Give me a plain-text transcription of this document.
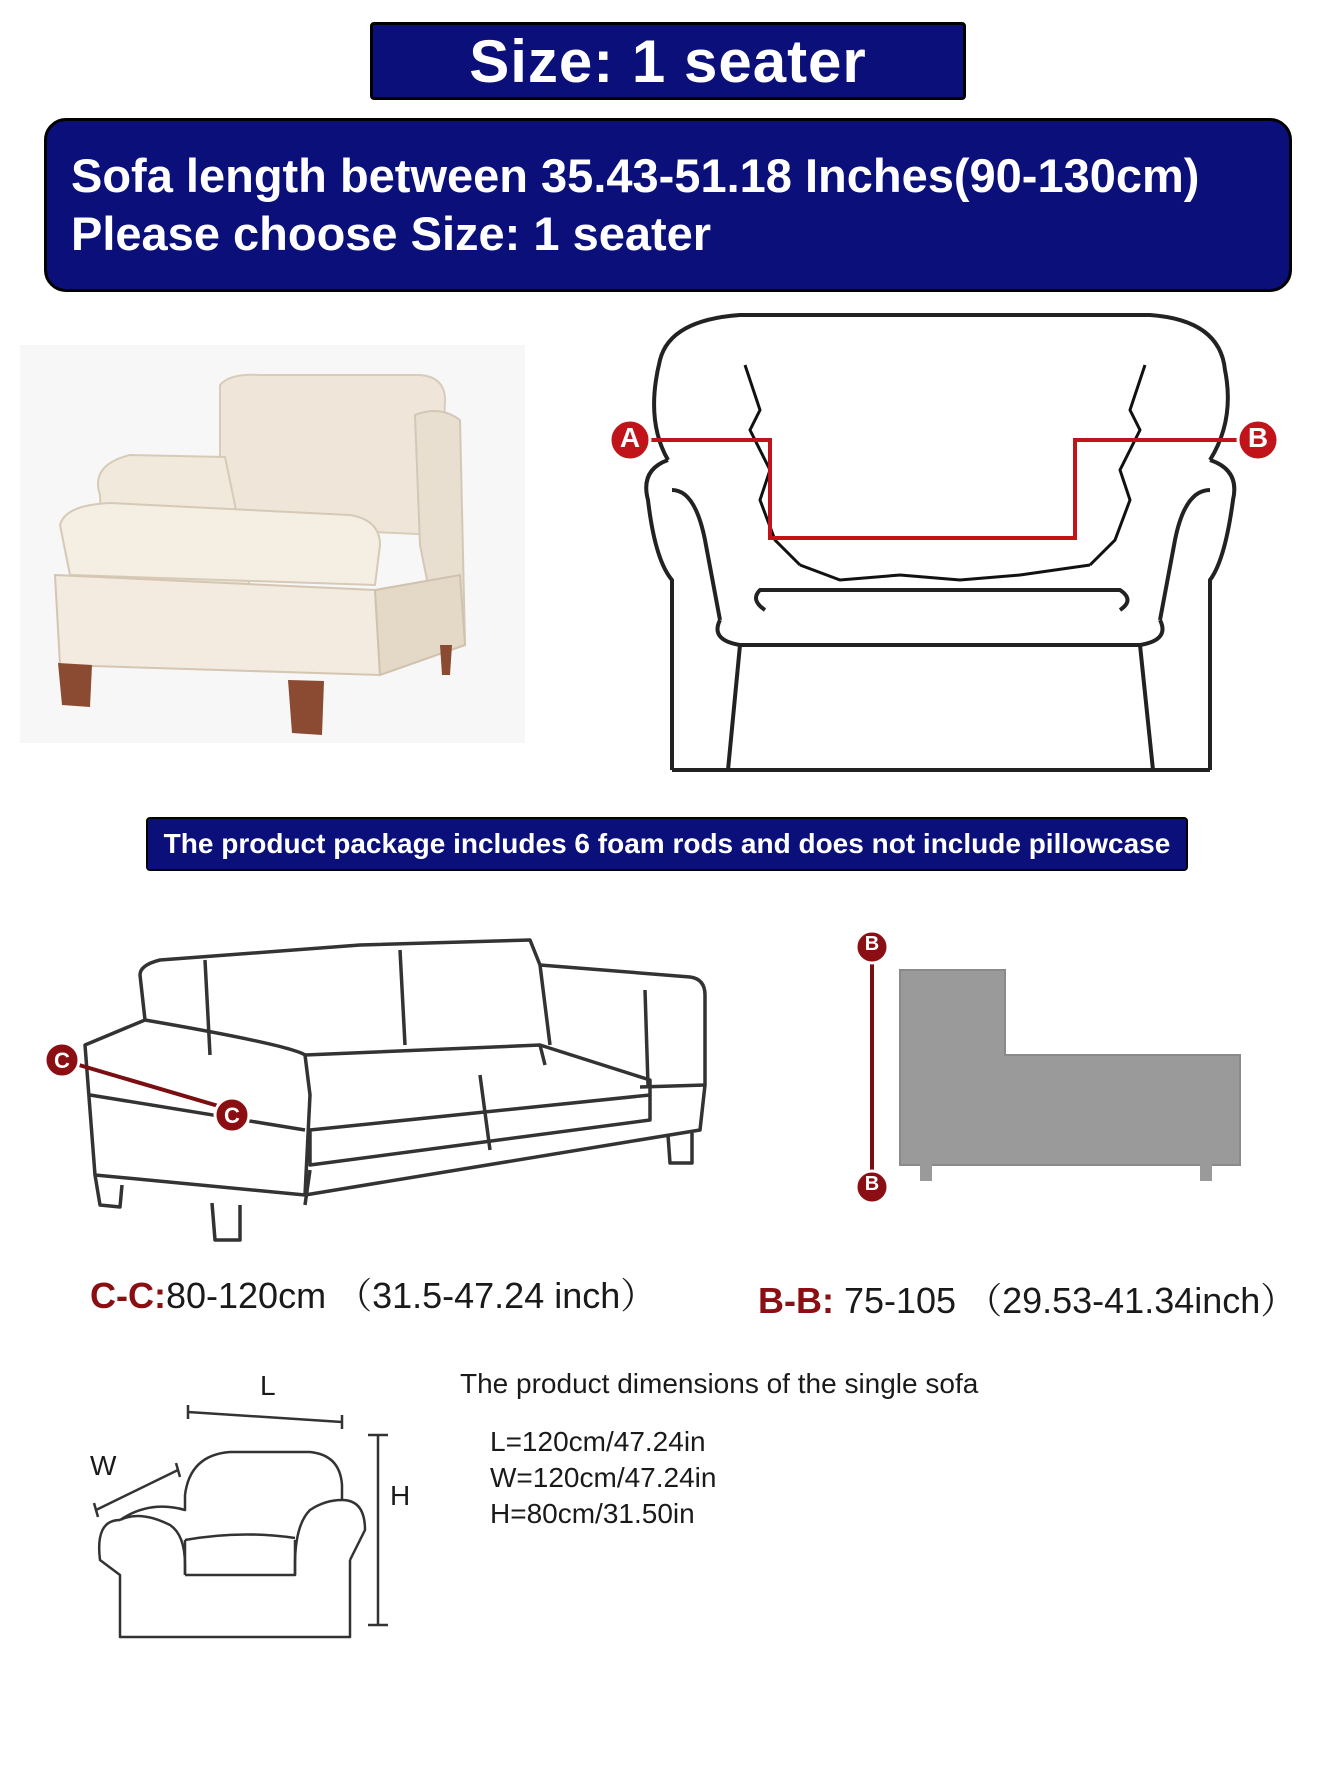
Size: 1 seater
Sofa length between 35.43-51.18 Inches(90-130cm)
Please choose Size: 1 seater
A	B
The product package includes 6 foam rods and does not include pillowcase
C
C
B
B
C-C:80-120cm （31.5-47.24 inch）	B-B: 75-105 （29.53-41.34inch）
L
W
H
The product dimensions of the single sofa
L=120cm/47.24in
W=120cm/47.24in
H=80cm/31.50in
